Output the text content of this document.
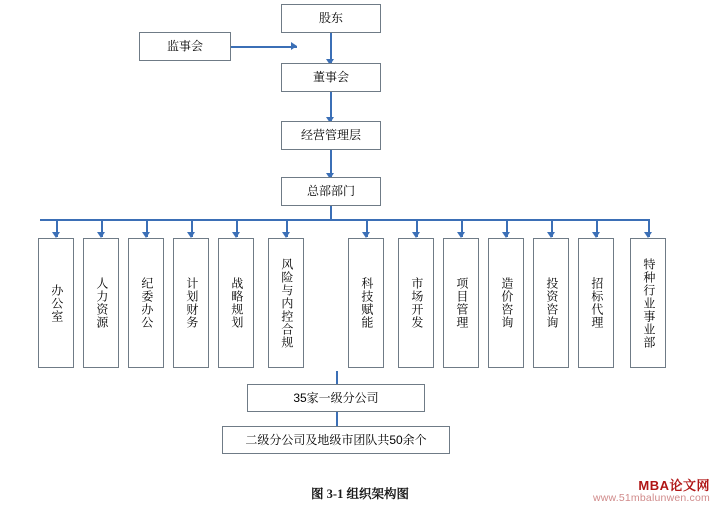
股东
监事会
董事会
经营管理层
总部部门
办公室	人力资源	纪委办公	计划财务	战略规划	风险与内控合规	科技赋能	市场开发	项目管理	造价咨询	投资咨询	招标代理	特种行业事业部
35家一级分公司
二级分公司及地级市团队共50余个
图 3-1 组织架构图
MBA论文网
www.51mbalunwen.com
